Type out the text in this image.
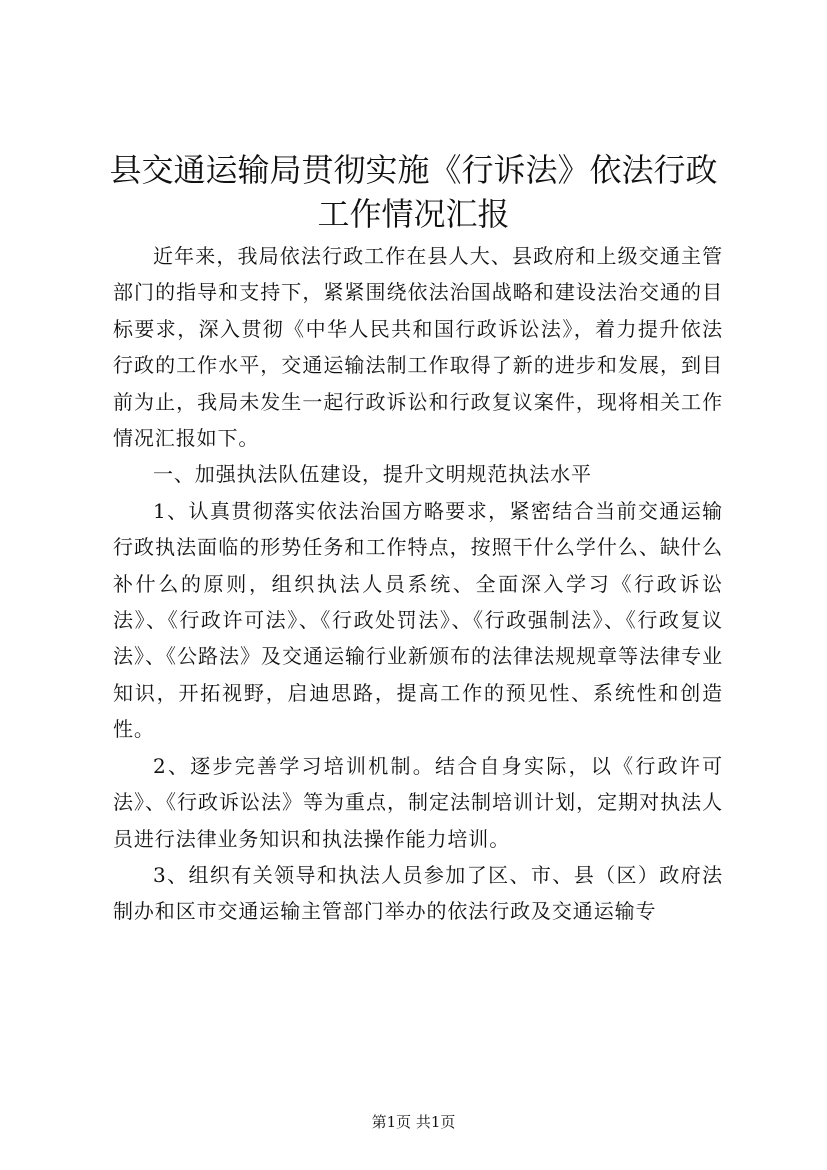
县交通运输局贯彻实施《行诉法》依法行政工作情况汇报

近年来，我局依法行政工作在县人大、县政府和上级交通主管部门的指导和支持下，紧紧围绕依法治国战略和建设法治交通的目标要求，深入贯彻《中华人民共和国行政诉讼法》，着力提升依法行政的工作水平，交通运输法制工作取得了新的进步和发展，到目前为止，我局未发生一起行政诉讼和行政复议案件，现将相关工作情况汇报如下。

一、加强执法队伍建设，提升文明规范执法水平

1、认真贯彻落实依法治国方略要求，紧密结合当前交通运输行政执法面临的形势任务和工作特点，按照干什么学什么、缺什么补什么的原则，组织执法人员系统、全面深入学习《行政诉讼法》、《行政许可法》、《行政处罚法》、《行政强制法》、《行政复议法》、《公路法》及交通运输行业新颁布的法律法规规章等法律专业知识，开拓视野，启迪思路，提高工作的预见性、系统性和创造性。

2、逐步完善学习培训机制。结合自身实际，以《行政许可法》、《行政诉讼法》等为重点，制定法制培训计划，定期对执法人员进行法律业务知识和执法操作能力培训。

3、组织有关领导和执法人员参加了区、市、县（区）政府法制办和区市交通运输主管部门举办的依法行政及交通运输专

第1页 共1页
